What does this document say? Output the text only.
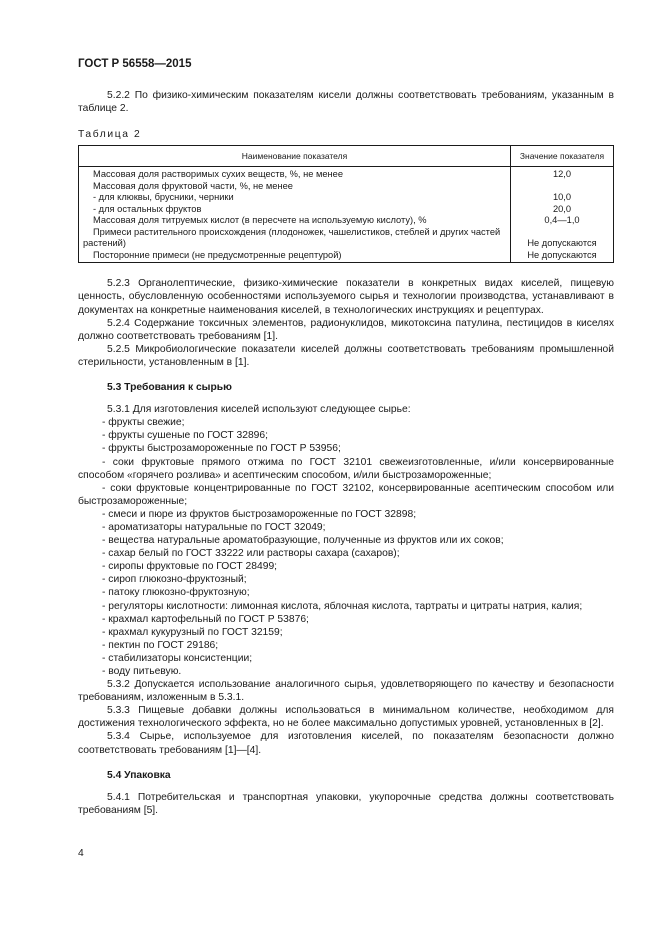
ГОСТ Р 56558—2015

5.2.2 По физико-химическим показателям кисели должны соответствовать требованиям, указанным в таблице 2.

Таблица 2
Наименование показателя	Значение показателя
Массовая доля растворимых сухих веществ, %, не менее	12,0
Массовая доля фруктовой части, %, не менее	
- для клюквы, брусники, черники	10,0
- для остальных фруктов	20,0
Массовая доля титруемых кислот (в пересчете на используемую кислоту), %	0,4—1,0

Примеси растительного происхождения (плодоножек, чашелистиков, стеблей и других частей растений)	Не допускаются
Посторонние примеси (не предусмотренные рецептурой)	Не допускаются

5.2.3 Органолептические, физико-химические показатели в конкретных видах киселей, пищевую ценность, обусловленную особенностями используемого сырья и технологии производства, устанавливают в документах на конкретные наименования киселей, в технологических инструкциях и рецептурах.

5.2.4 Содержание токсичных элементов, радионуклидов, микотоксина патулина, пестицидов в киселях должно соответствовать требованиям [1].

5.2.5 Микробиологические показатели киселей должны соответствовать требованиям промышленной стерильности, установленным в [1].

5.3 Требования к сырью

5.3.1 Для изготовления киселей используют следующее сырье:

- фрукты свежие;

- фрукты сушеные по ГОСТ 32896;

- фрукты быстрозамороженные по ГОСТ Р 53956;

- соки фруктовые прямого отжима по ГОСТ 32101 свежеизготовленные, и/или консервированные способом «горячего розлива» и асептическим способом, и/или быстрозамороженные;

- соки фруктовые концентрированные по ГОСТ 32102, консервированные асептическим способом или быстрозамороженные;

- смеси и пюре из фруктов быстрозамороженные по ГОСТ 32898;

- ароматизаторы натуральные по ГОСТ 32049;

- вещества натуральные ароматобразующие, полученные из фруктов или их соков;

- сахар белый по ГОСТ 33222 или растворы сахара (сахаров);

- сиропы фруктовые по ГОСТ 28499;

- сироп глюкозно-фруктозный;

- патоку глюкозно-фруктозную;

- регуляторы кислотности: лимонная кислота, яблочная кислота, тартраты и цитраты натрия, калия;

- крахмал картофельный по ГОСТ Р 53876;

- крахмал кукурузный по ГОСТ 32159;

- пектин по ГОСТ 29186;

- стабилизаторы консистенции;

- воду питьевую.

5.3.2 Допускается использование аналогичного сырья, удовлетворяющего по качеству и безопасности требованиям, изложенным в 5.3.1.

5.3.3 Пищевые добавки должны использоваться в минимальном количестве, необходимом для достижения технологического эффекта, но не более максимально допустимых уровней, установленных в [2].

5.3.4 Сырье, используемое для изготовления киселей, по показателям безопасности должно соответствовать требованиям [1]—[4].

5.4 Упаковка

5.4.1 Потребительская и транспортная упаковки, укупорочные средства должны соответствовать требованиям [5].

4
